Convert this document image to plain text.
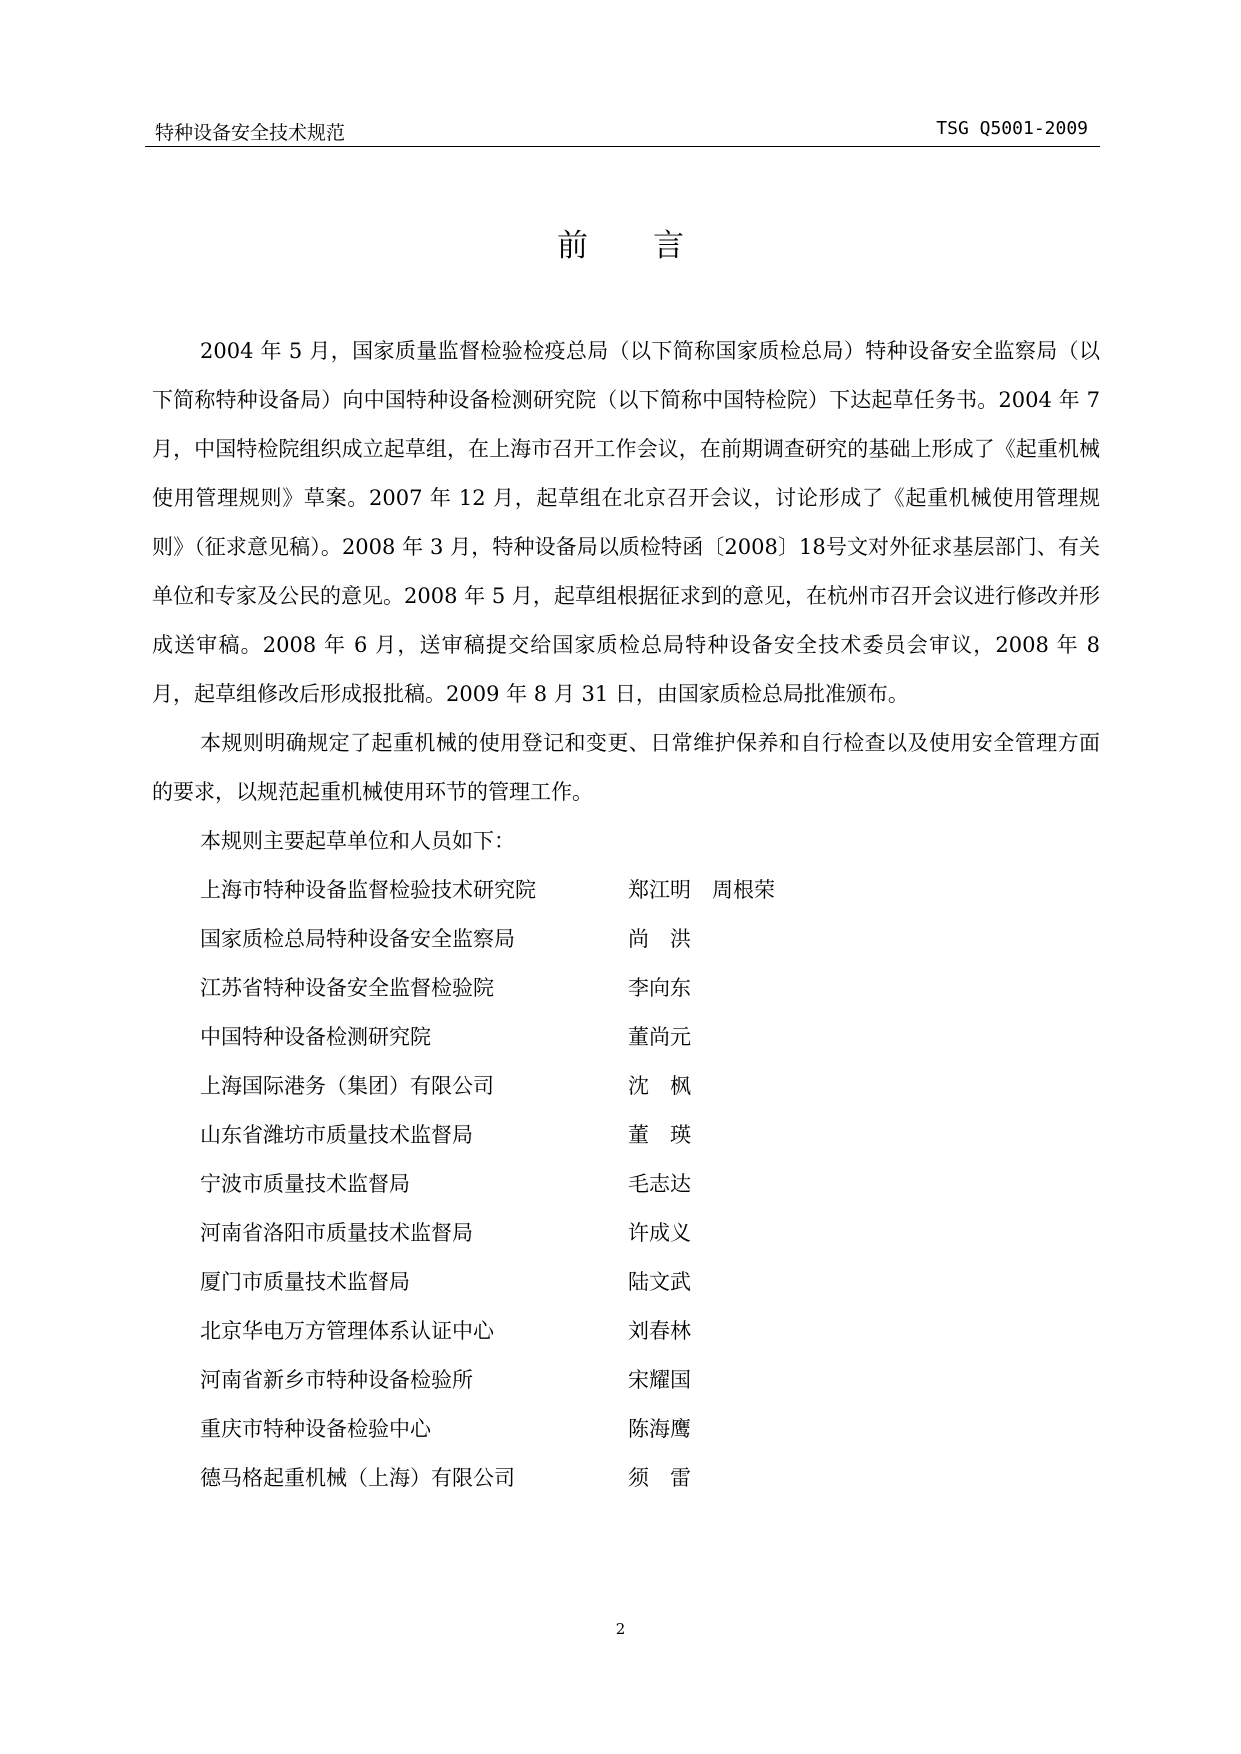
特种设备安全技术规范	TSG Q5001-2009
前言

2004 年 5 月，国家质量监督检验检疫总局（以下简称国家质检总局）特种设备安全监察局（以下简称特种设备局）向中国特种设备检测研究院（以下简称中国特检院）下达起草任务书。2004 年 7 月，中国特检院组织成立起草组，在上海市召开工作会议，在前期调查研究的基础上形成了《起重机械使用管理规则》草案。2007 年 12 月，起草组在北京召开会议，讨论形成了《起重机械使用管理规则》（征求意见稿）。2008 年 3 月，特种设备局以质检特函〔2008〕18号文对外征求基层部门、有关单位和专家及公民的意见。2008 年 5 月，起草组根据征求到的意见，在杭州市召开会议进行修改并形成送审稿。2008 年 6 月，送审稿提交给国家质检总局特种设备安全技术委员会审议，2008 年 8 月，起草组修改后形成报批稿。2009 年 8 月 31 日，由国家质检总局批准颁布。

本规则明确规定了起重机械的使用登记和变更、日常维护保养和自行检查以及使用安全管理方面的要求，以规范起重机械使用环节的管理工作。

本规则主要起草单位和人员如下：

上海市特种设备监督检验技术研究院	郑江明　周根荣
国家质检总局特种设备安全监察局	尚　洪
江苏省特种设备安全监督检验院	李向东
中国特种设备检测研究院	董尚元
上海国际港务（集团）有限公司	沈　枫
山东省潍坊市质量技术监督局	董　瑛
宁波市质量技术监督局	毛志达
河南省洛阳市质量技术监督局	许成义
厦门市质量技术监督局	陆文武
北京华电万方管理体系认证中心	刘春林
河南省新乡市特种设备检验所	宋耀国
重庆市特种设备检验中心	陈海鹰
德马格起重机械（上海）有限公司	须　雷
2
